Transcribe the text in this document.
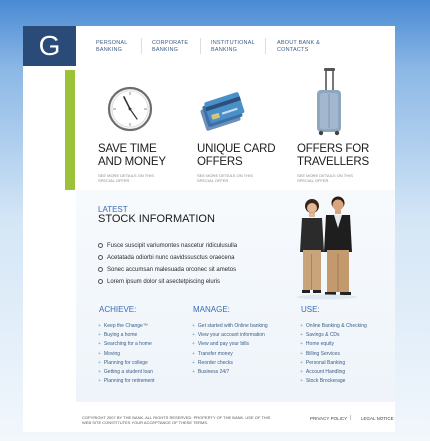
G	PERSONAL
BANKING
CORPORATE
BANKING
INSTITUTIONAL
BANKING
ABOUT BANK &
CONTACTS
SAVE TIME
AND MONEY
SEE MORE DETAILS ON THIS
SPECIAL OFFER
UNIQUE CARD
OFFERS
SEE MORE DETAILS ON THIS
SPECIAL OFFER
OFFERS FOR
TRAVELLERS
SEE MORE DETAILS ON THIS
SPECIAL OFFER
LATEST
STOCK INFORMATION
Fusce suscipit variumontes nascetur ridiculusulla
Acetatada odiorbi nunc oavidssusctus oraecena
Sonec accumsan malesuada orconec sit ametos
Lorem ipsum dolor sit asectetpiscing eluris
ACHIEVE:
+ Keep the Change™
+ Buying a home
+ Searching for a home
+ Moving
+ Planning for college
+ Getting a student loan
+ Planning for retirement
MANAGE:
+ Get started with Online banking
+ View your account information
+ View and pay your bills
+ Transfer money
+ Reorder checks
+ Business 24/7
USE:
+ Online Banking & Checking
+ Savings & CDs
+ Home equity
+ Billing Services
+ Personal Banking
+ Account Handling
+ Stock Brockerage
COPYRIGHT 2007 BY THE BANK. ALL RIGHTS RESERVED. PROPERTY OF THE BANK. USE OF THIS WEB SITE CONSTITUTES YOUR ACCEPTANCE OF THESE TERMS.
PRIVACY POLICY | LEGAL NOTICE
